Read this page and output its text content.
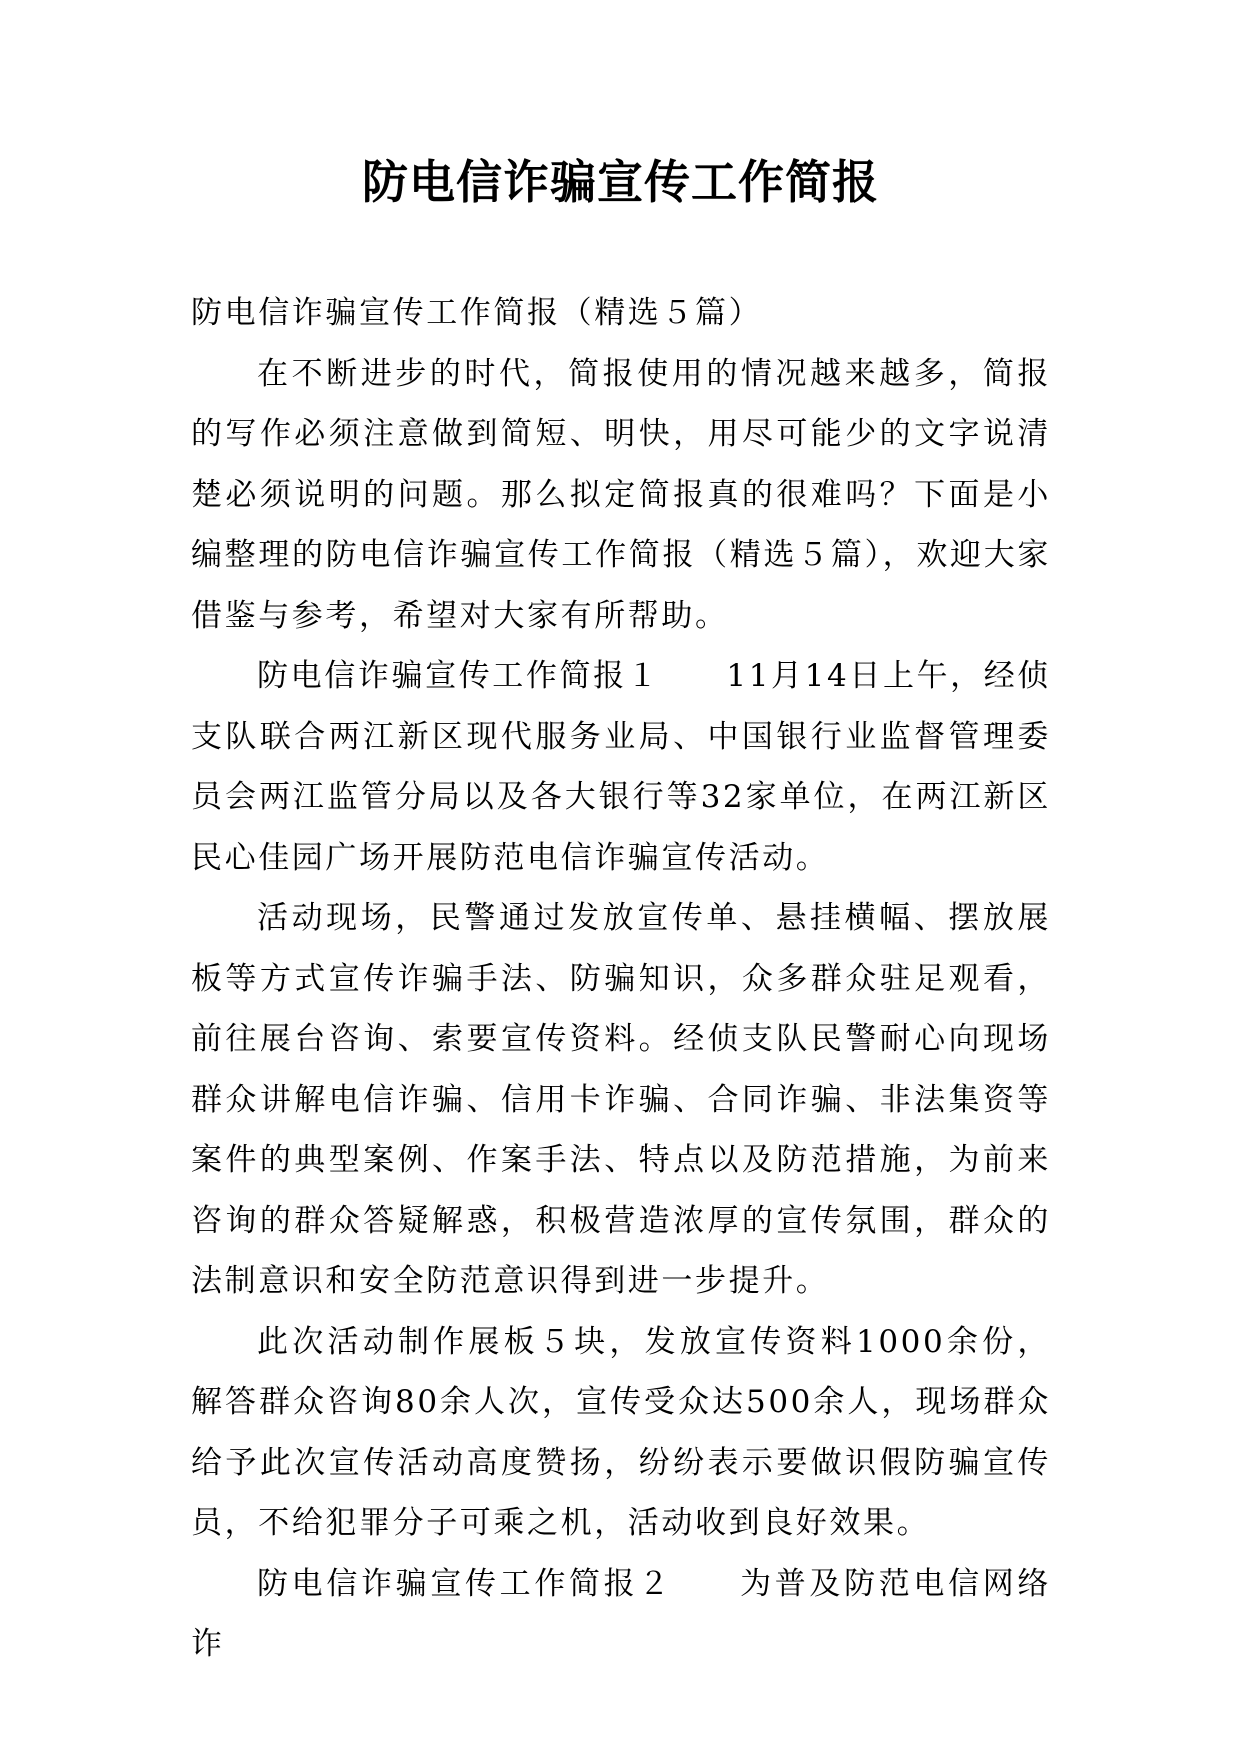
防电信诈骗宣传工作简报

防电信诈骗宣传工作简报（精选５篇）

在不断进步的时代，简报使用的情况越来越多，简报的写作必须注意做到简短、明快，用尽可能少的文字说清楚必须说明的问题。那么拟定简报真的很难吗？下面是小编整理的防电信诈骗宣传工作简报（精选５篇），欢迎大家借鉴与参考，希望对大家有所帮助。

防电信诈骗宣传工作简报１ 11月14日上午，经侦支队联合两江新区现代服务业局、中国银行业监督管理委员会两江监管分局以及各大银行等32家单位，在两江新区民心佳园广场开展防范电信诈骗宣传活动。

活动现场，民警通过发放宣传单、悬挂横幅、摆放展板等方式宣传诈骗手法、防骗知识，众多群众驻足观看，前往展台咨询、索要宣传资料。经侦支队民警耐心向现场群众讲解电信诈骗、信用卡诈骗、合同诈骗、非法集资等案件的典型案例、作案手法、特点以及防范措施，为前来咨询的群众答疑解惑，积极营造浓厚的宣传氛围，群众的法制意识和安全防范意识得到进一步提升。

此次活动制作展板５块，发放宣传资料1000余份，解答群众咨询80余人次，宣传受众达500余人，现场群众给予此次宣传活动高度赞扬，纷纷表示要做识假防骗宣传员，不给犯罪分子可乘之机，活动收到良好效果。

防电信诈骗宣传工作简报２ 为普及防范电信网络诈
